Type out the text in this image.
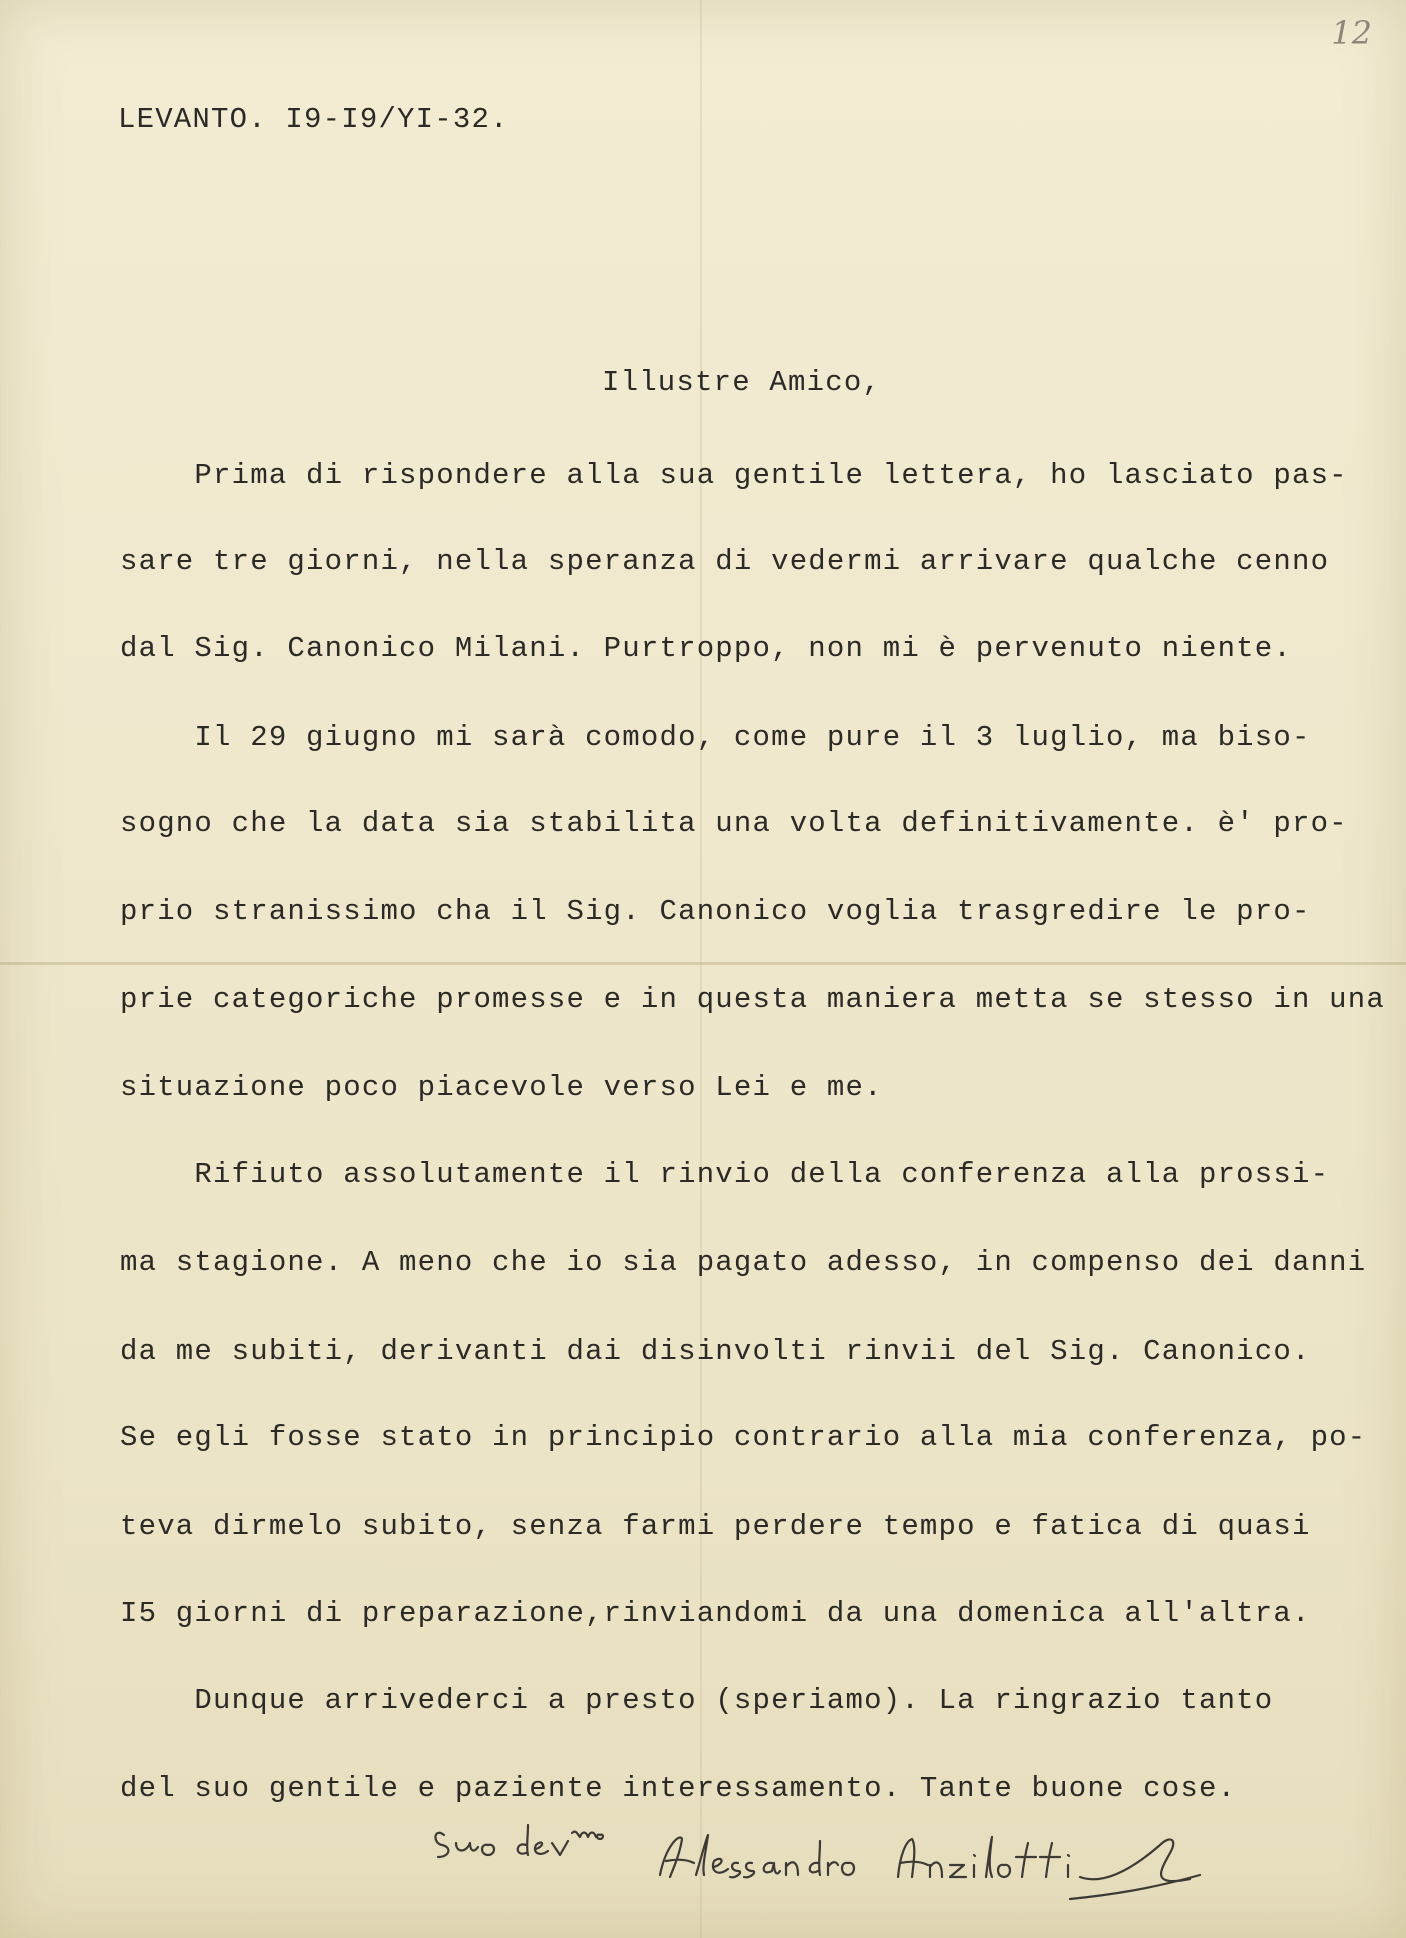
12

LEVANTO. I9-I9/YI-32.

Illustre Amico,

Prima di rispondere alla sua gentile lettera, ho lasciato pas-

sare tre giorni, nella speranza di vedermi arrivare qualche cenno

dal Sig. Canonico Milani. Purtroppo, non mi è pervenuto niente.

Il 29 giugno mi sarà comodo, come pure il 3 luglio, ma biso-

sogno che la data sia stabilita una volta definitivamente. è' pro-

prio stranissimo cha il Sig. Canonico voglia trasgredire le pro-

prie categoriche promesse e in questa maniera metta se stesso in una

situazione poco piacevole verso Lei e me.

Rifiuto assolutamente il rinvio della conferenza alla prossi-

ma stagione. A meno che io sia pagato adesso, in compenso dei danni

da me subiti, derivanti dai disinvolti rinvii del Sig. Canonico.

Se egli fosse stato in principio contrario alla mia conferenza, po-

teva dirmelo subito, senza farmi perdere tempo e fatica di quasi

I5 giorni di preparazione,rinviandomi da una domenica all'altra.

Dunque arrivederci a presto (speriamo). La ringrazio tanto

del suo gentile e paziente interessamento. Tante buone cose.
